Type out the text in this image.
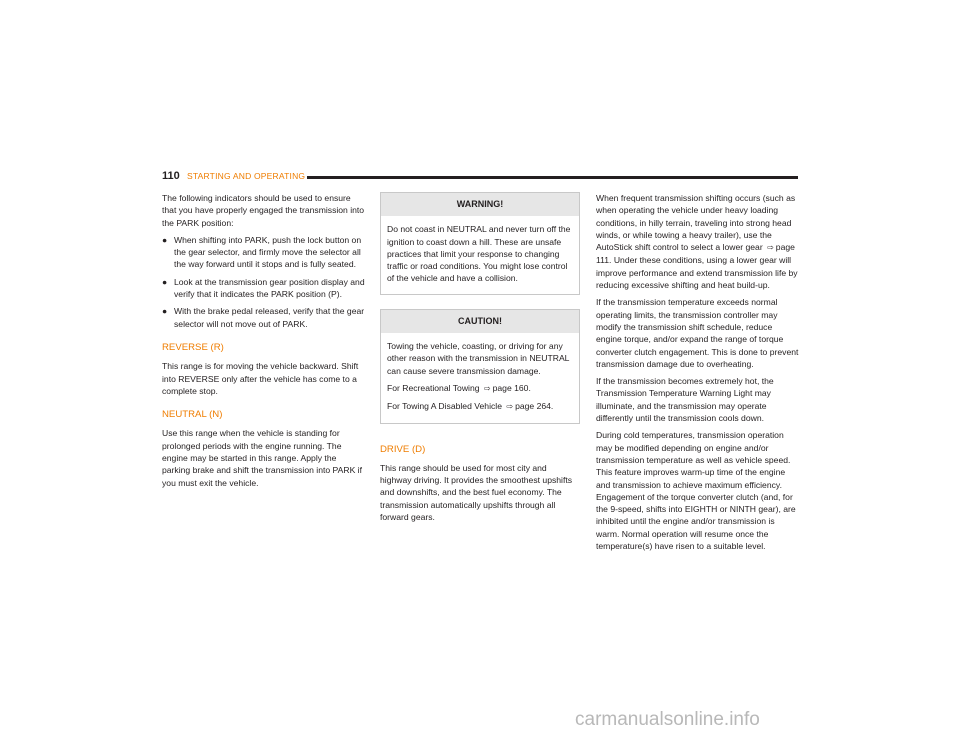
110 STARTING AND OPERATING

The following indicators should be used to ensure that you have properly engaged the transmission into the PARK position:

● When shifting into PARK, push the lock button on the gear selector, and firmly move the selector all the way forward until it stops and is fully seated.
● Look at the transmission gear position display and verify that it indicates the PARK position (P).
● With the brake pedal released, verify that the gear selector will not move out of PARK.
REVERSE (R)

This range is for moving the vehicle backward. Shift into REVERSE only after the vehicle has come to a complete stop.

NEUTRAL (N)

Use this range when the vehicle is standing for prolonged periods with the engine running. The engine may be started in this range. Apply the parking brake and shift the transmission into PARK if you must exit the vehicle.

WARNING!

Do not coast in NEUTRAL and never turn off the ignition to coast down a hill. These are unsafe practices that limit your response to changing traffic or road conditions. You might lose control of the vehicle and have a collision.

CAUTION!

Towing the vehicle, coasting, or driving for any other reason with the transmission in NEUTRAL can cause severe transmission damage.

For Recreational Towing ⇨ page 160.

For Towing A Disabled Vehicle ⇨ page 264.

DRIVE (D)

This range should be used for most city and highway driving. It provides the smoothest upshifts and downshifts, and the best fuel economy. The transmission automatically upshifts through all forward gears.

When frequent transmission shifting occurs (such as when operating the vehicle under heavy loading conditions, in hilly terrain, traveling into strong head winds, or while towing a heavy trailer), use the AutoStick shift control to select a lower gear ⇨ page 111. Under these conditions, using a lower gear will improve performance and extend transmission life by reducing excessive shifting and heat build-up.

If the transmission temperature exceeds normal operating limits, the transmission controller may modify the transmission shift schedule, reduce engine torque, and/or expand the range of torque converter clutch engagement. This is done to prevent transmission damage due to overheating.

If the transmission becomes extremely hot, the Transmission Temperature Warning Light may illuminate, and the transmission may operate differently until the transmission cools down.

During cold temperatures, transmission operation may be modified depending on engine and/or transmission temperature as well as vehicle speed. This feature improves warm-up time of the engine and transmission to achieve maximum efficiency. Engagement of the torque converter clutch (and, for the 9-speed, shifts into EIGHTH or NINTH gear), are inhibited until the engine and/or transmission is warm. Normal operation will resume once the temperature(s) have risen to a suitable level.

carmanualsonline.info
